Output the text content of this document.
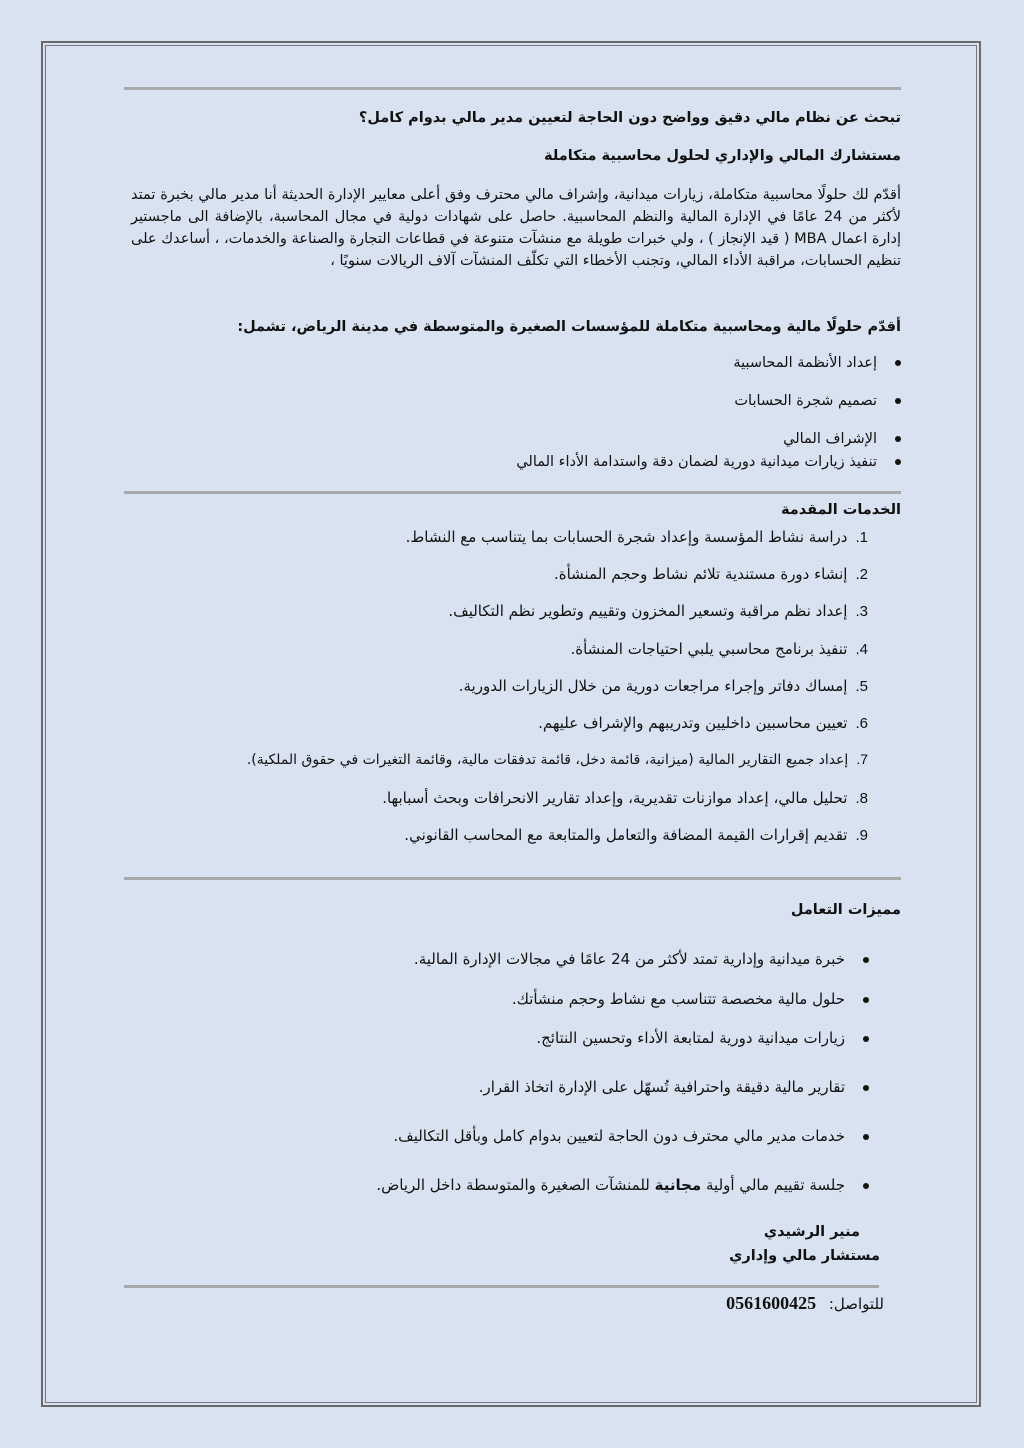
تبحث عن نظام مالي دقيق وواضح دون الحاجة لتعيين مدير مالي بدوام كامل؟
مستشارك المالي والإداري لحلول محاسبية متكاملة
أقدّم لك حلولًا محاسبية متكاملة، زيارات ميدانية، وإشراف مالي محترف وفق أعلى معايير الإدارة الحديثة أنا مدير مالي بخبرة تمتد لأكثر من 24 عامًا في الإدارة المالية والنظم المحاسبية. حاصل على شهادات دولية في مجال المحاسبة، بالإضافة الى ماجستير إدارة اعمال MBA ( قيد الإنجاز ) ، ولي خبرات طويلة مع منشآت متنوعة في قطاعات التجارة والصناعة والخدمات، ، أساعدك على تنظيم الحسابات، مراقبة الأداء المالي، وتجنب الأخطاء التي تكلّف المنشآت آلاف الريالات سنويًا ،
أقدّم حلولًا مالية ومحاسبية متكاملة للمؤسسات الصغيرة والمتوسطة في مدينة الرياض، تشمل:
إعداد الأنظمة المحاسبية
تصميم شجرة الحسابات
الإشراف المالي
تنفيذ زيارات ميدانية دورية لضمان دقة واستدامة الأداء المالي
الخدمات المقدمة
1.دراسة نشاط المؤسسة وإعداد شجرة الحسابات بما يتناسب مع النشاط.
2.إنشاء دورة مستندية تلائم نشاط وحجم المنشأة.
3.إعداد نظم مراقبة وتسعير المخزون وتقييم وتطوير نظم التكاليف.
4.تنفيذ برنامج محاسبي يلبي احتياجات المنشأة.
5.إمساك دفاتر وإجراء مراجعات دورية من خلال الزيارات الدورية.
6.تعيين محاسبين داخليين وتدريبهم والإشراف عليهم.
7.إعداد جميع التقارير المالية (ميزانية، قائمة دخل، قائمة تدفقات مالية، وقائمة التغيرات في حقوق الملكية).
8.تحليل مالي، إعداد موازنات تقديرية، وإعداد تقارير الانحرافات وبحث أسبابها.
9.تقديم إقرارات القيمة المضافة والتعامل والمتابعة مع المحاسب القانوني.
مميزات التعامل
خبرة ميدانية وإدارية تمتد لأكثر من 24 عامًا في مجالات الإدارة المالية.
حلول مالية مخصصة تتناسب مع نشاط وحجم منشأتك.
زيارات ميدانية دورية لمتابعة الأداء وتحسين النتائج.
تقارير مالية دقيقة واحترافية تُسهّل على الإدارة اتخاذ القرار.
خدمات مدير مالي محترف دون الحاجة لتعيين بدوام كامل وبأقل التكاليف.
جلسة تقييم مالي أولية مجانية للمنشآت الصغيرة والمتوسطة داخل الرياض.
منير الرشيدي
مستشار مالي وإداري
للتواصل: 0561600425
